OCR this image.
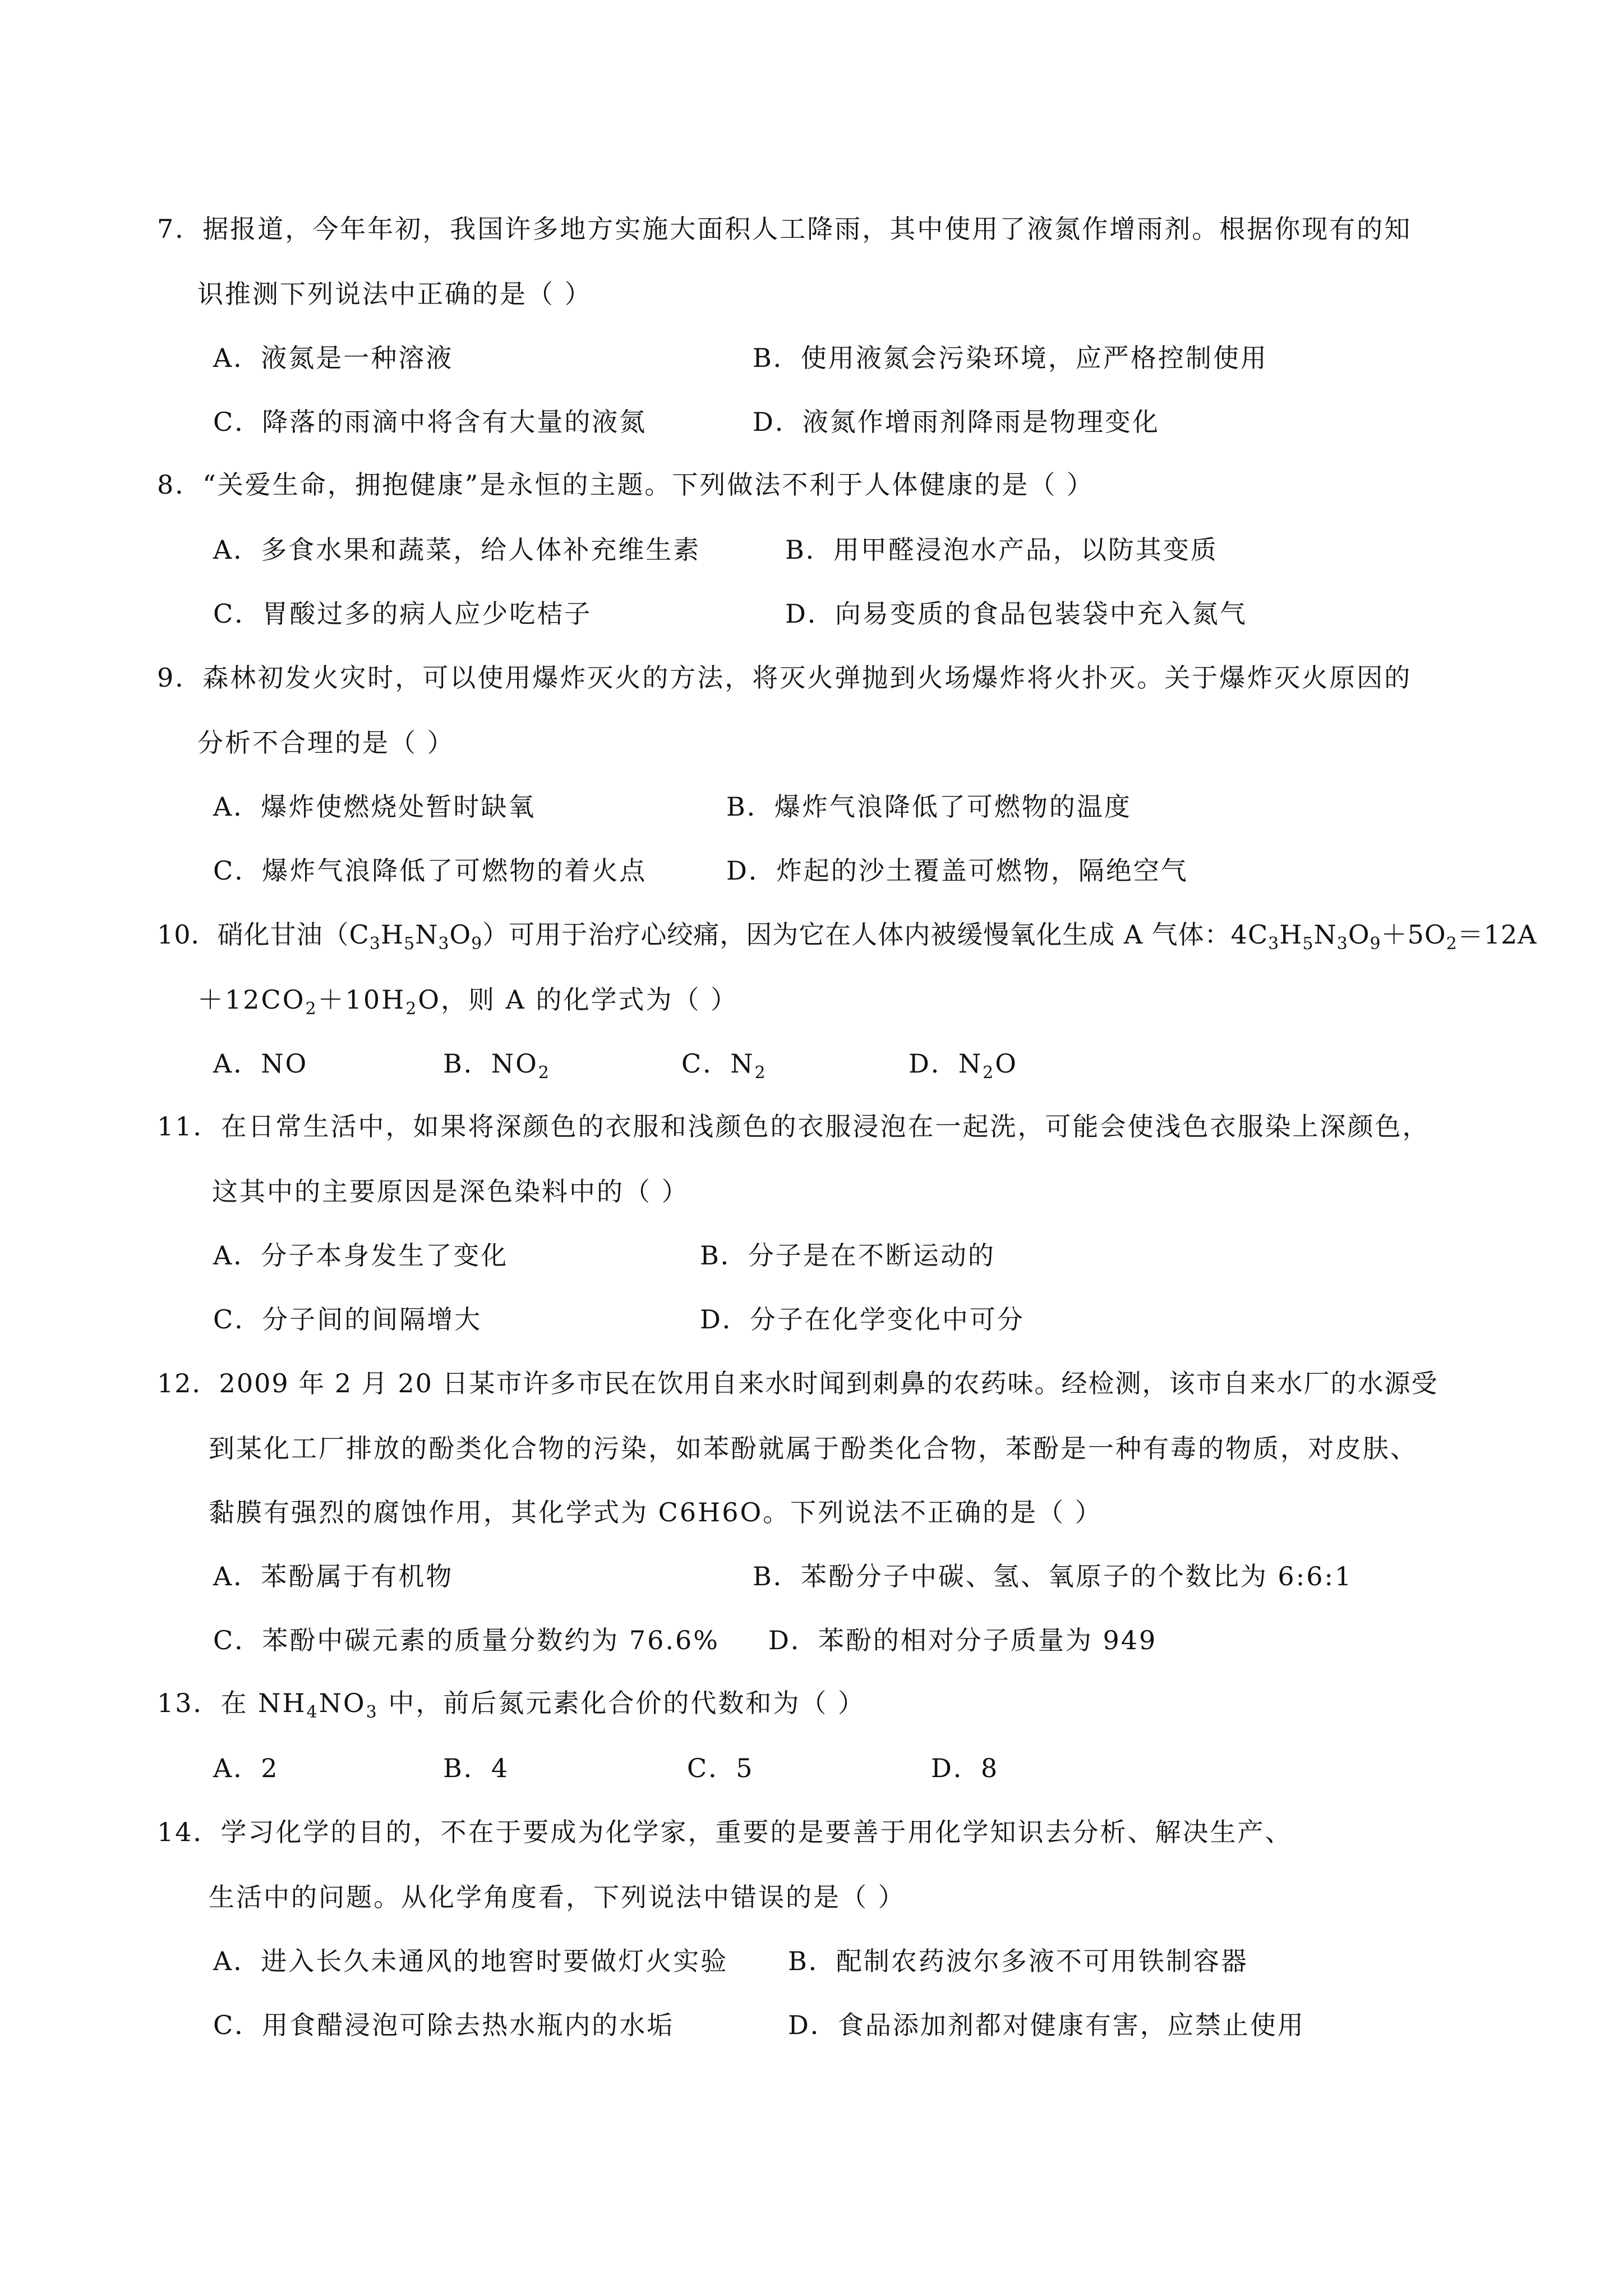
7．据报道，今年年初，我国许多地方实施大面积人工降雨，其中使用了液氮作增雨剂。根据你现有的知
识推测下列说法中正确的是（ ）
A．液氮是一种溶液	B．使用液氮会污染环境，应严格控制使用
C．降落的雨滴中将含有大量的液氮	D．液氮作增雨剂降雨是物理变化
8．“关爱生命，拥抱健康”是永恒的主题。下列做法不利于人体健康的是（ ）
A．多食水果和蔬菜，给人体补充维生素	B．用甲醛浸泡水产品，以防其变质
C．胃酸过多的病人应少吃桔子	D．向易变质的食品包装袋中充入氮气
9．森林初发火灾时，可以使用爆炸灭火的方法，将灭火弹抛到火场爆炸将火扑灭。关于爆炸灭火原因的
分析不合理的是（ ）
A．爆炸使燃烧处暂时缺氧	B．爆炸气浪降低了可燃物的温度
C．爆炸气浪降低了可燃物的着火点	D．炸起的沙土覆盖可燃物，隔绝空气
10．硝化甘油$(C_3H_5N_3O_9)$可用于治疗心绞痛，因为它在人体内被缓慢氧化生成 A 气体：$4C_3H_5N_3O_9+5O_2=12A$
$+12CO_2+10H_2O$，则 A 的化学式为（ ）
A．NO	B．$NO_2$	C．$N_2$	D．$N_2O$
11．在日常生活中，如果将深颜色的衣服和浅颜色的衣服浸泡在一起洗，可能会使浅色衣服染上深颜色，
这其中的主要原因是深色染料中的（ ）
A．分子本身发生了变化	B．分子是在不断运动的
C．分子间的间隔增大	D．分子在化学变化中可分
12．2009 年 2 月 20 日某市许多市民在饮用自来水时闻到刺鼻的农药味。经检测，该市自来水厂的水源受
到某化工厂排放的酚类化合物的污染，如苯酚就属于酚类化合物，苯酚是一种有毒的物质，对皮肤、
黏膜有强烈的腐蚀作用，其化学式为 C6H6O。下列说法不正确的是（ ）
A．苯酚属于有机物	B．苯酚分子中碳、氢、氧原子的个数比为 6:6:1
C．苯酚中碳元素的质量分数约为 76.6% D．苯酚的相对分子质量为 949
13．在 $NH_4NO_3$ 中，前后氮元素化合价的代数和为（ ）
A．2	B．4	C．5	D．8
14．学习化学的目的，不在于要成为化学家，重要的是要善于用化学知识去分析、解决生产、
生活中的问题。从化学角度看，下列说法中错误的是（ ）
A．进入长久未通风的地窖时要做灯火实验 B．配制农药波尔多液不可用铁制容器
C．用食醋浸泡可除去热水瓶内的水垢	D．食品添加剂都对健康有害，应禁止使用
